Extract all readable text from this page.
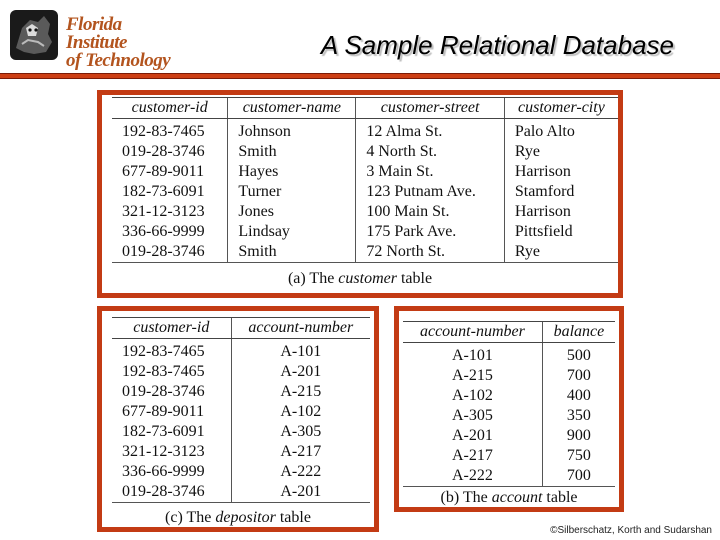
Florida Institute
of Technology
A Sample Relational Database
customer-id	customer-name	customer-street	customer-city
192-83-7465	Johnson	12 Alma St.	Palo Alto
019-28-3746	Smith	4 North St.	Rye
677-89-9011	Hayes	3 Main St.	Harrison
182-73-6091	Turner	123 Putnam Ave.	Stamford
321-12-3123	Jones	100 Main St.	Harrison
336-66-9999	Lindsay	175 Park Ave.	Pittsfield
019-28-3746	Smith	72 North St.	Rye
(a) The customer table
customer-id	account-number
192-83-7465	A-101
192-83-7465	A-201
019-28-3746	A-215
677-89-9011	A-102
182-73-6091	A-305
321-12-3123	A-217
336-66-9999	A-222
019-28-3746	A-201
(c) The depositor table
account-number	balance
A-101	500
A-215	700
A-102	400
A-305	350
A-201	900
A-217	750
A-222	700
(b) The account table
©Silberschatz, Korth and Sudarshan
